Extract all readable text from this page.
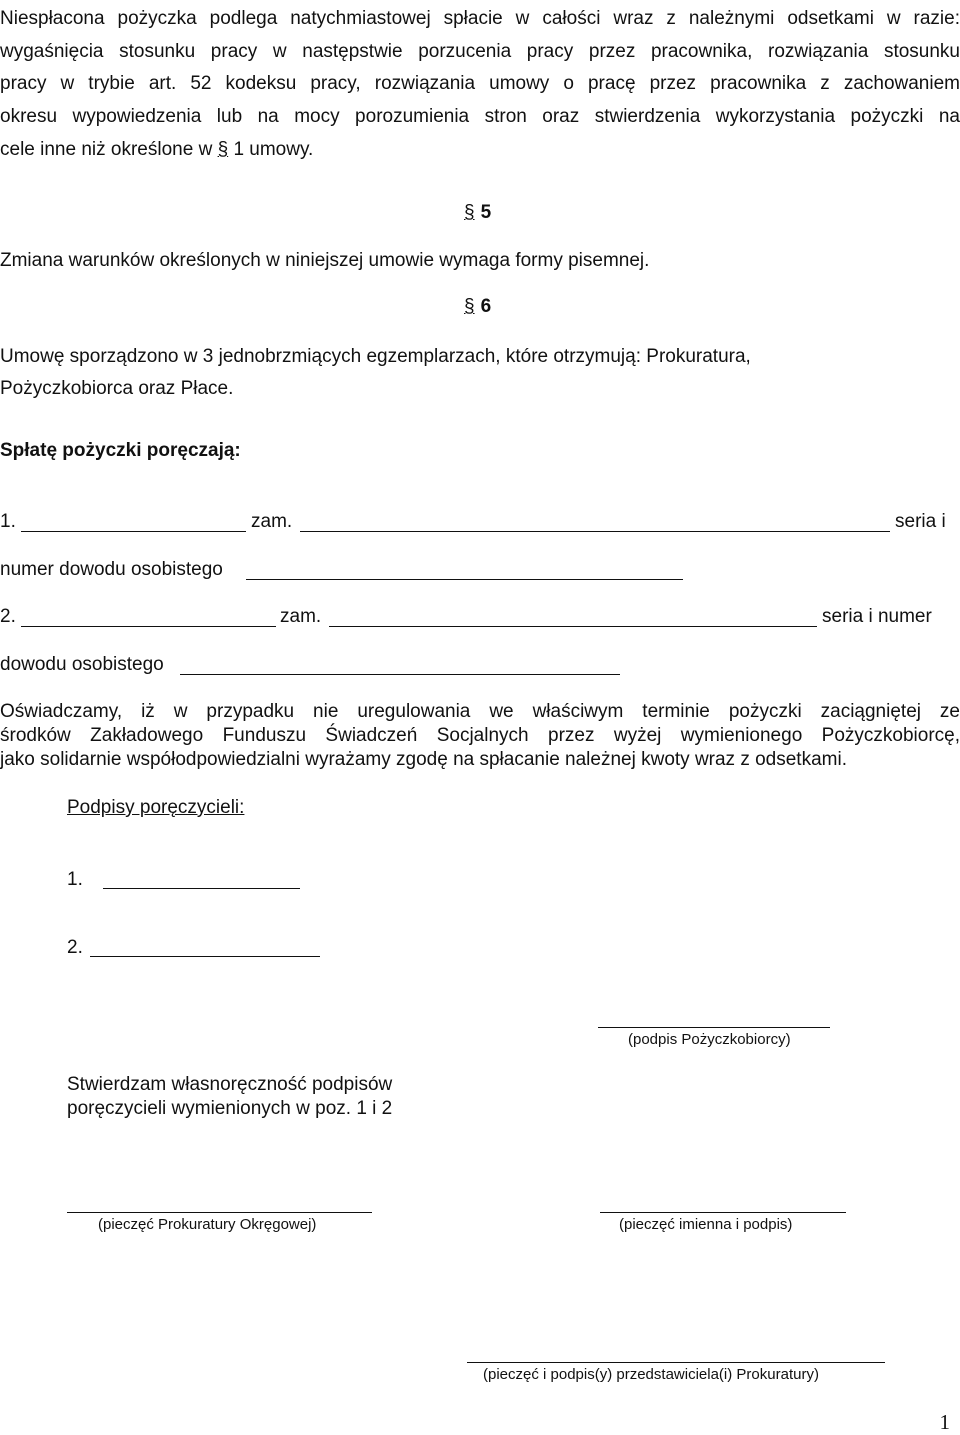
Niespłacona pożyczka podlega natychmiastowej spłacie w całości wraz z należnymi odsetkami w razie:
wygaśnięcia stosunku pracy w następstwie porzucenia pracy przez pracownika, rozwiązania stosunku
pracy w trybie art. 52 kodeksu pracy, rozwiązania umowy o pracę przez pracownika z zachowaniem
okresu wypowiedzenia lub na mocy porozumienia stron oraz stwierdzenia wykorzystania pożyczki na
cele inne niż określone w § 1 umowy.
§ 5
Zmiana warunków określonych w niniejszej umowie wymaga formy pisemnej.
§ 6
Umowę sporządzono w 3 jednobrzmiących egzemplarzach, które otrzymują: Prokuratura,
Pożyczkobiorca oraz Płace.
Spłatę pożyczki poręczają:
1.	zam.	seria i
numer dowodu osobistego
2.	zam.	seria i numer
dowodu osobistego
Oświadczamy, iż w przypadku nie uregulowania we właściwym terminie pożyczki zaciągniętej ze
środków Zakładowego Funduszu Świadczeń Socjalnych przez wyżej wymienionego Pożyczkobiorcę,
jako solidarnie współodpowiedzialni wyrażamy zgodę na spłacanie należnej kwoty wraz z odsetkami.
Podpisy poręczycieli:
1.
2.
(podpis Pożyczkobiorcy)
Stwierdzam własnoręczność podpisów
poręczycieli wymienionych w poz. 1 i 2
(pieczęć Prokuratury Okręgowej)	(pieczęć imienna i podpis)
(pieczęć i podpis(y) przedstawiciela(i) Prokuratury)
1
